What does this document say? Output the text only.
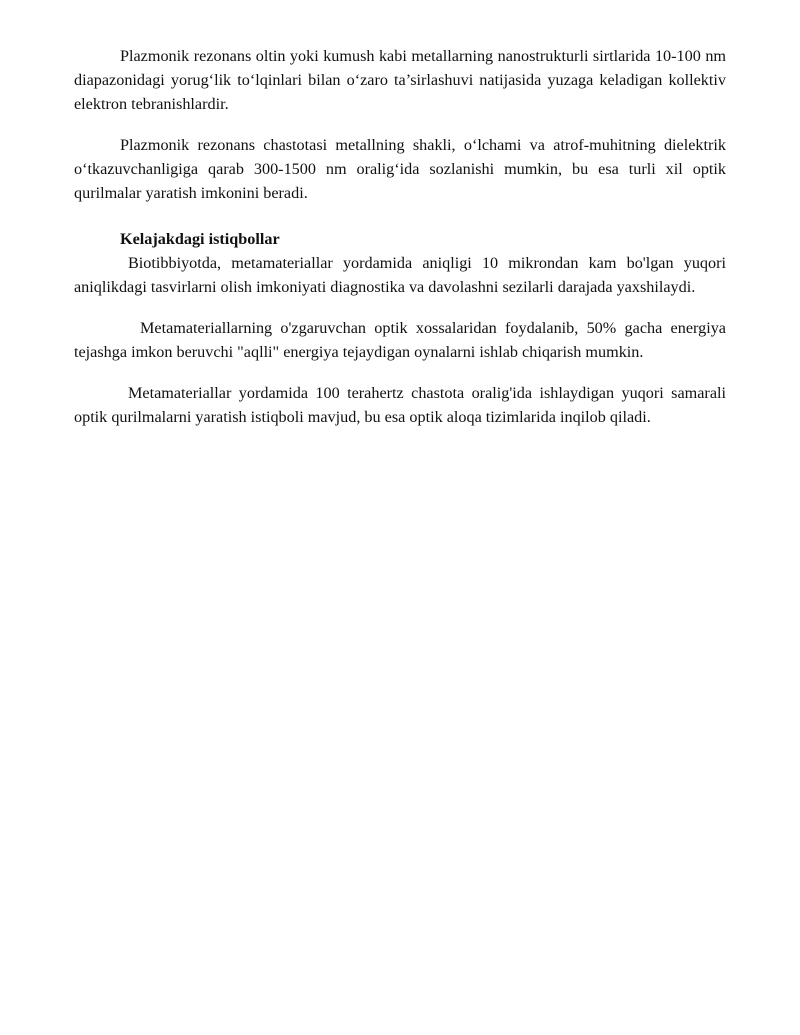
Plazmonik rezonans oltin yoki kumush kabi metallarning nanostrukturli sirtlarida 10-100 nm diapazonidagi yorug‘lik to‘lqinlari bilan o‘zaro ta’sirlashuvi natijasida yuzaga keladigan kollektiv elektron tebranishlardir.

Plazmonik rezonans chastotasi metallning shakli, o‘lchami va atrof-muhitning dielektrik o‘tkazuvchanligiga qarab 300-1500 nm oralig‘ida sozlanishi mumkin, bu esa turli xil optik qurilmalar yaratish imkonini beradi.

Kelajakdagi istiqbollar

Biotibbiyotda, metamateriallar yordamida aniqligi 10 mikrondan kam bo'lgan yuqori aniqlikdagi tasvirlarni olish imkoniyati diagnostika va davolashni sezilarli darajada yaxshilaydi.

Metamateriallarning o'zgaruvchan optik xossalaridan foydalanib, 50% gacha energiya tejashga imkon beruvchi "aqlli" energiya tejaydigan oynalarni ishlab chiqarish mumkin.

Metamateriallar yordamida 100 terahertz chastota oralig'ida ishlaydigan yuqori samarali optik qurilmalarni yaratish istiqboli mavjud, bu esa optik aloqa tizimlarida inqilob qiladi.
